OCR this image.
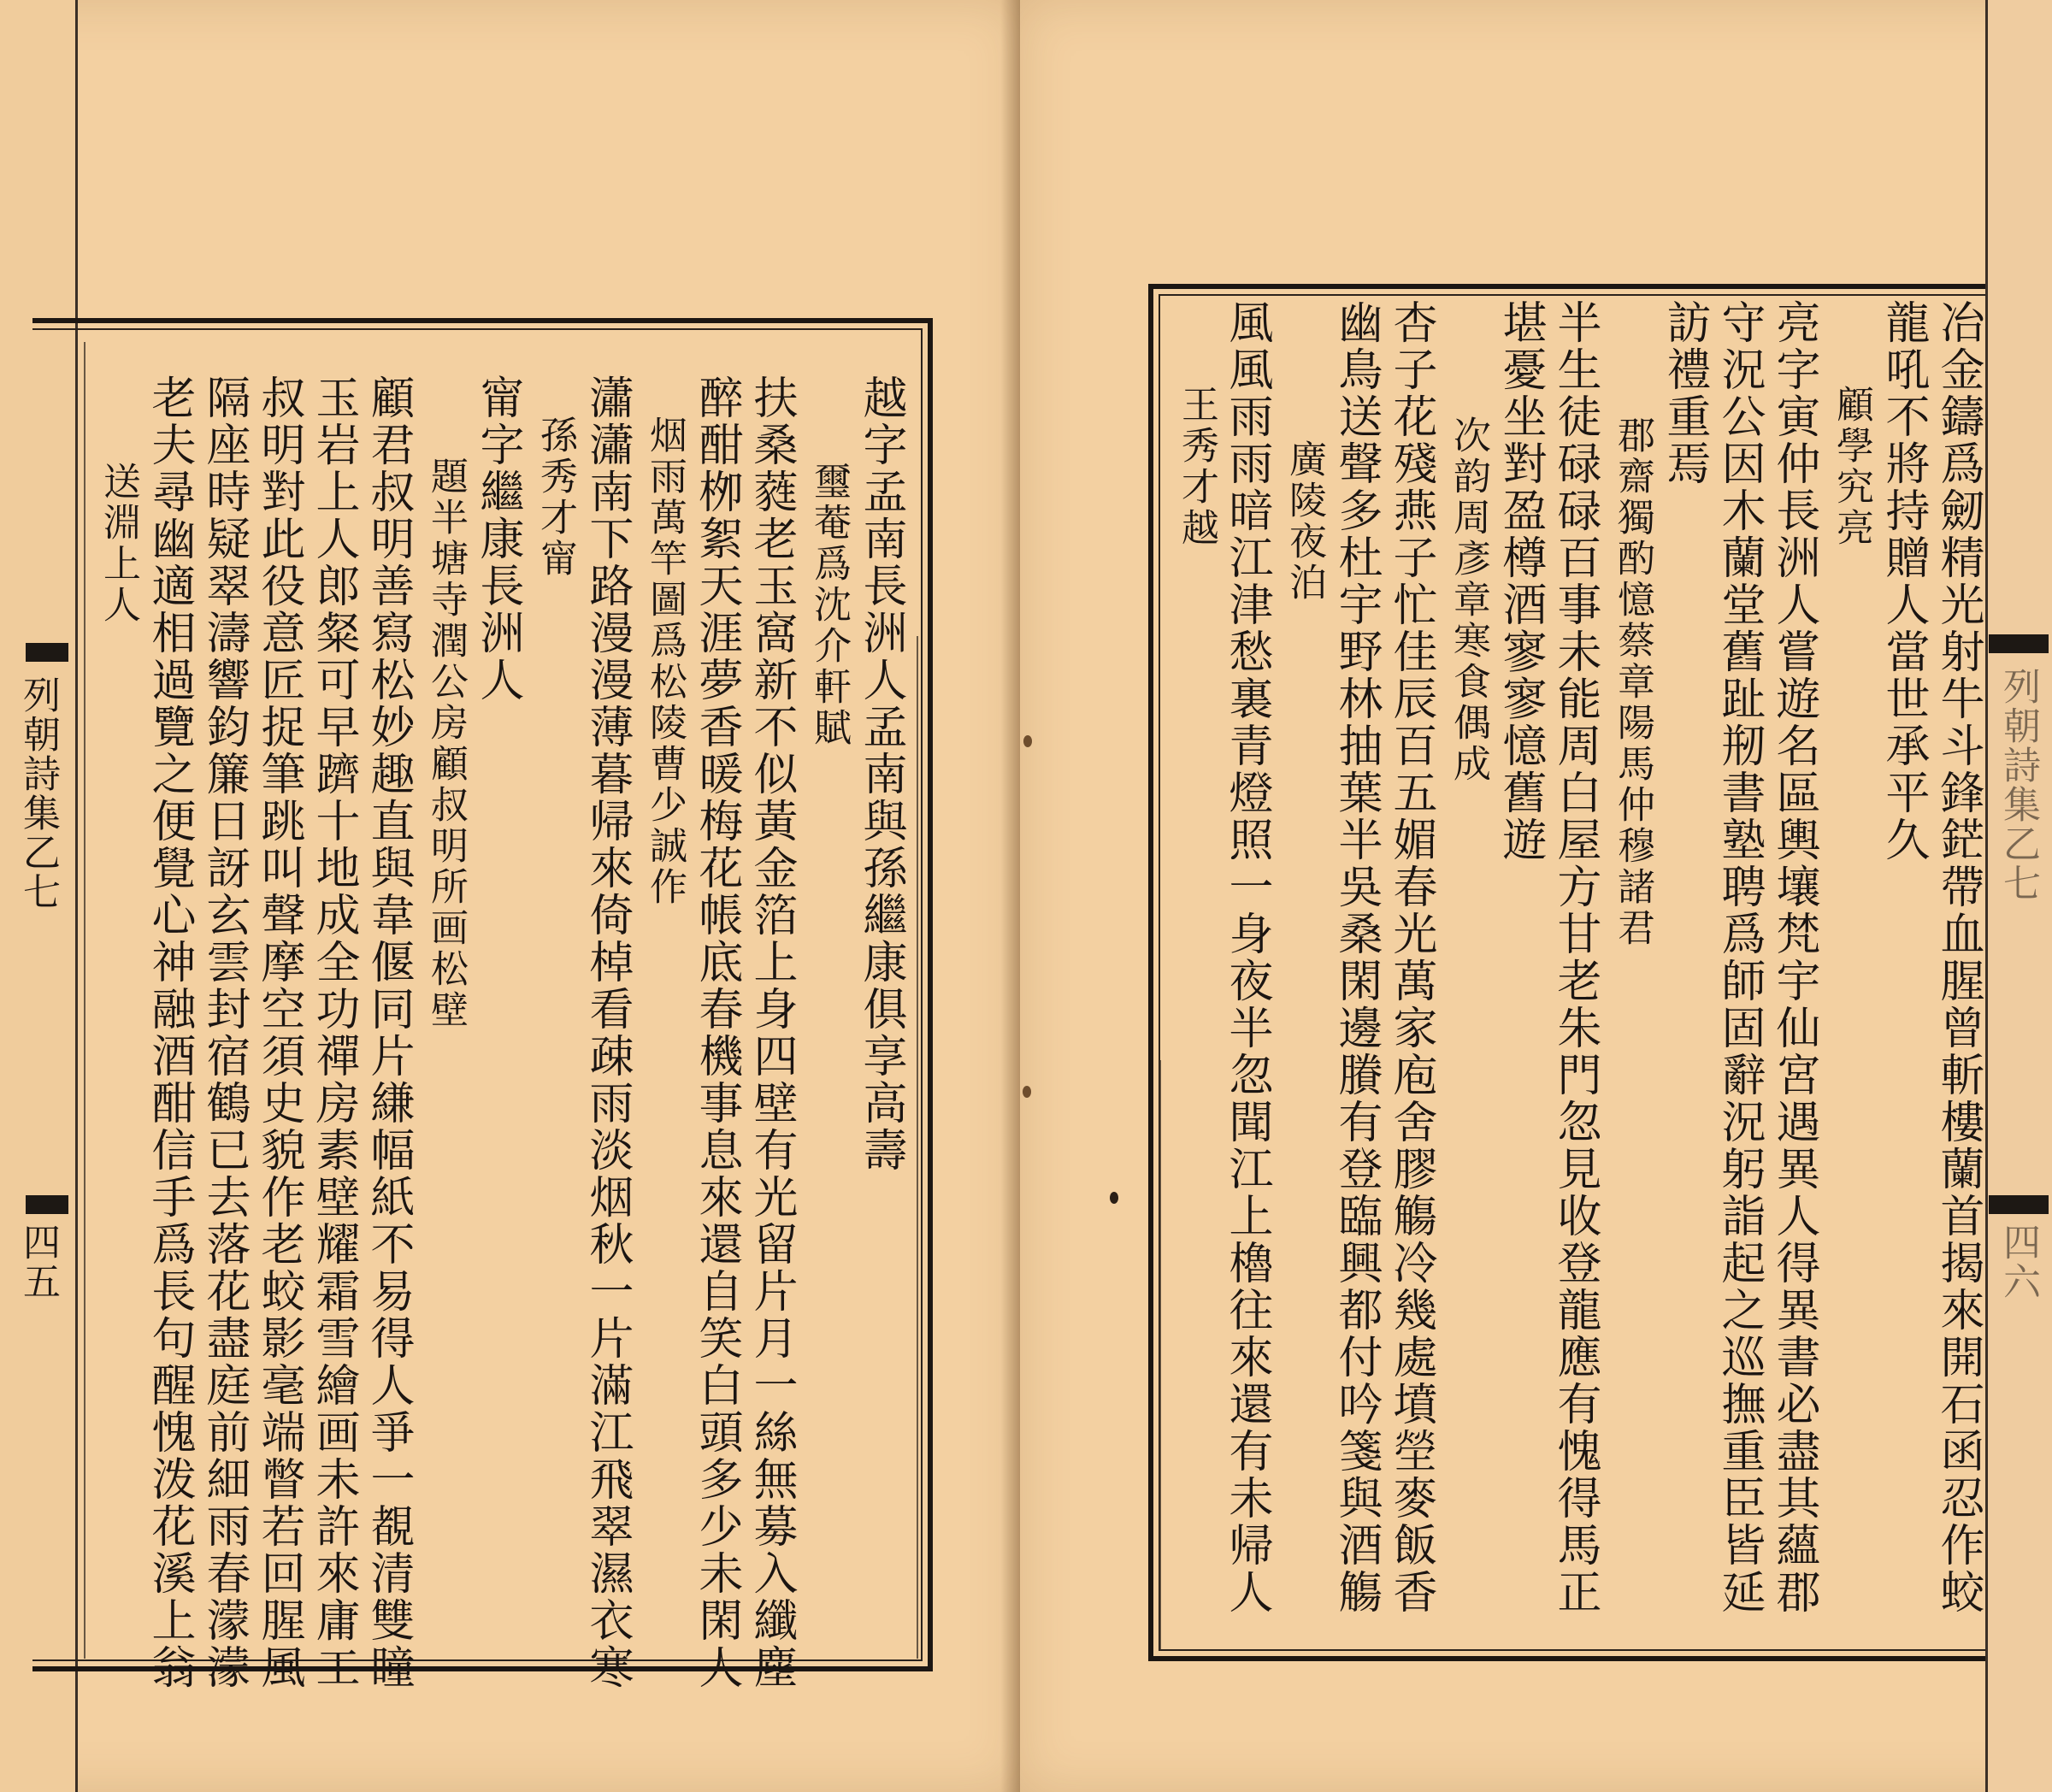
列朝詩集乙七
四五
越字孟南長洲人孟南與孫繼康俱享高壽
璽菴爲沈介軒賦
扶桑蕤老玉窩新不似黃金箔上身四壁有光留片月一絲無募入纖塵
醉酣栁絮天涯夢香暖梅花帳底春機事息來還自笑白頭多少未閑人
烟雨萬竿圖爲松陵曹少誠作
瀟瀟南下路漫漫薄暮帰來倚棹看疎雨淡烟秋一片滿江飛翠濕衣寒
孫秀才甯
甯字繼康長洲人
題半塘寺潤公房顧叔明所画松壁
顧君叔明善寫松妙趣直與韋偃同片縑幅紙不易得人爭一覩清雙瞳
玉岩上人郎粲可早躋十地成全功禪房素壁耀霜雪繪画未許來庸工
叔明對此役意匠捉筆跳叫聲摩空須史貌作老蛟影毫端瞥若回腥風
隔座時疑翠濤響鈞簾日訝玄雲封宿鶴已去落花盡庭前細雨春濛濛
老夫尋幽適相過覽之便覺心神融酒酣信手爲長句醒愧泼花溪上翁
送淵上人	冶金鑄爲劒精光射牛斗鋒鋩帶血腥曾斬樓蘭首揭來開石函忍作蛟
龍吼不將持贈人當世承平久
顧學究亮
亮字寅仲長洲人嘗遊名區輿壤梵宇仙宮遇異人得異書必盡其蘊郡
守況公因木蘭堂舊趾剏書塾聘爲師固辭況躬詣起之巡撫重臣皆延
訪禮重焉
郡齋獨酌憶蔡章陽馬仲穆諸君
半生徒碌碌百事未能周白屋方甘老朱門忽見收登龍應有愧得馬正
堪憂坐對盈樽酒寥寥憶舊遊
次韵周彥章寒食偶成
杏子花殘燕子忙佳辰百五媚春光萬家庖舍膠觴冷幾處墳塋麥飯香
幽鳥送聲多杜宇野林抽葉半吳桑閑邊賸有登臨興都付吟箋與酒觴
廣陵夜泊
風風雨雨暗江津愁裏青燈照一身夜半忽聞江上櫓往來還有未帰人
王秀才越
列朝詩集乙七
四六
